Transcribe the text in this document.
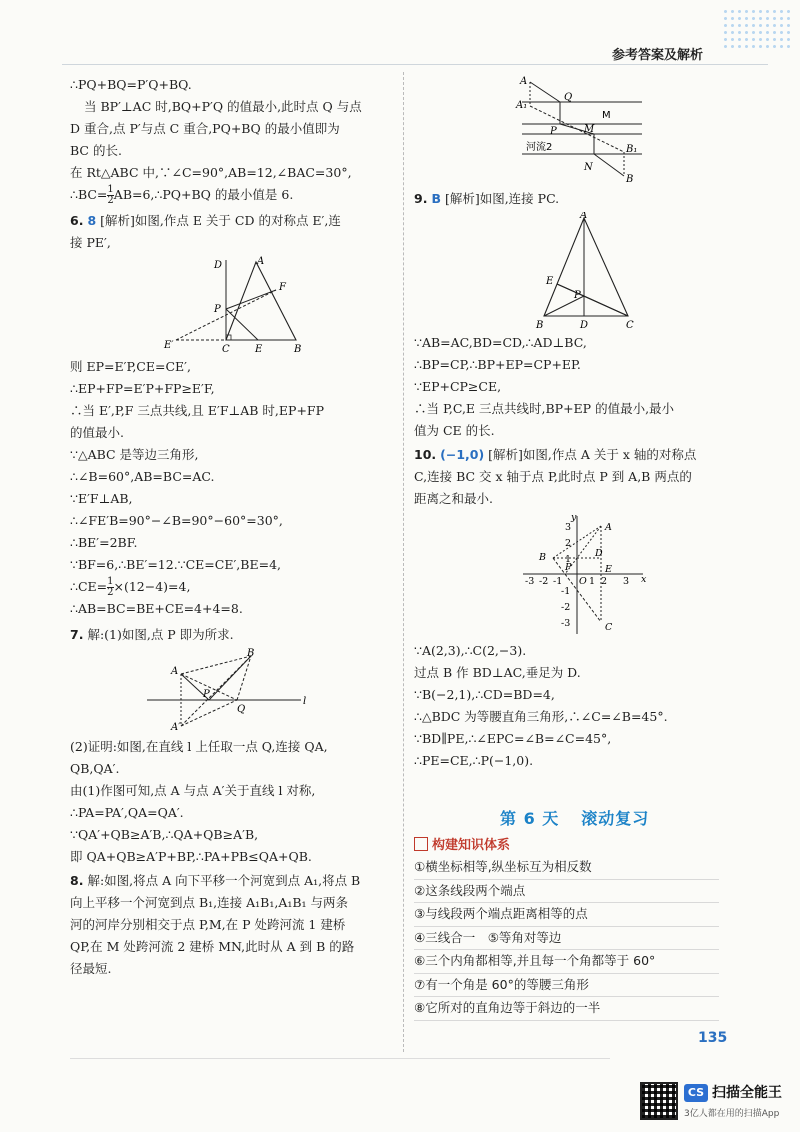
参考答案及解析
∴PQ+BQ=P′Q+BQ.
当 BP′⊥AC 时,BQ+P′Q 的值最小,此时点 Q 与点
D 重合,点 P′与点 C 重合,PQ+BQ 的最小值即为
BC 的长.
在 Rt△ABC 中,∵∠C=90°,AB=12,∠BAC=30°,
∴BC= $\frac{1}{2}$ AB=6,∴PQ+BQ 的最小值是 6.
6. 8 [解析]如图,作点 E 关于 CD 的对称点 E′,连
接 PE′,
D	A
F
P
E′	C	E	B
则 EP=E′P,CE=CE′,
∴EP+FP=E′P+FP≥E′F,
∴当 E′,P,F 三点共线,且 E′F⊥AB 时,EP+FP
的值最小.
∵△ABC 是等边三角形,
∴∠B=60°,AB=BC=AC.
∵E′F⊥AB,
∴∠FE′B=90°−∠B=90°−60°=30°,
∴BE′=2BF.
∵BF=6,∴BE′=12.∵CE=CE′,BE=4,
∴CE= $\frac{1}{2} \times(12-4)=4$,
∴AB=BC=BE+CE=4+4=8.
7. 解:(1)如图,点 P 即为所求.
B
A
P
Q
l
A′
(2)证明:如图,在直线 l 上任取一点 Q,连接 QA,
QB,QA′.
由(1)作图可知,点 A 与点 A′关于直线 l 对称,
∴PA=PA′,QA=QA′.
∵QA′+QB≥A′B,∴QA+QB≥A′B,
即 QA+QB≥A′P+BP,∴PA+PB≤QA+QB.
8. 解:如图,将点 A 向下平移一个河宽到点 A₁,将点 B
向上平移一个河宽到点 B₁,连接 A₁B₁,A₁B₁ 与两条
河的河岸分别相交于点 P,M,在 P 处跨河流 1 建桥
QP,在 M 处跨河流 2 建桥 MN,此时从 A 到 B 的路
径最短.
A
Q
A₁
M
P	M
河流2	B₁
N
B
9. B [解析]如图,连接 PC.
A
E
P
B	D	C
∵AB=AC,BD=CD,∴AD⊥BC,
∴BP=CP,∴BP+EP=CP+EP.
∵EP+CP≥CE,
∴当 P,C,E 三点共线时,BP+EP 的值最小,最小
值为 CE 的长.
10. (−1,0) [解析]如图,作点 A 关于 x 轴的对称点
C,连接 BC 交 x 轴于点 P,此时点 P 到 A,B 两点的
距离之和最小.
y
A
B
P
D
E
O	x
C
3
2
1
-1
-2
-3
-3 -2 -1	1 2 3
∵A(2,3),∴C(2,−3).
过点 B 作 BD⊥AC,垂足为 D.
∵B(−2,1),∴CD=BD=4,
∴△BDC 为等腰直角三角形,∴∠C=∠B=45°.
∵BD∥PE,∴∠EPC=∠B=∠C=45°,
∴PE=CE,∴P(−1,0).
第 6 天 滚动复习
构建知识体系
①横坐标相等,纵坐标互为相反数
②这条线段两个端点
③与线段两个端点距离相等的点
④三线合一　⑤等角对等边
⑥三个内角都相等,并且每一个角都等于 60°
⑦有一个角是 60°的等腰三角形
⑧它所对的直角边等于斜边的一半
135
CS 扫描全能王
3亿人都在用的扫描App
